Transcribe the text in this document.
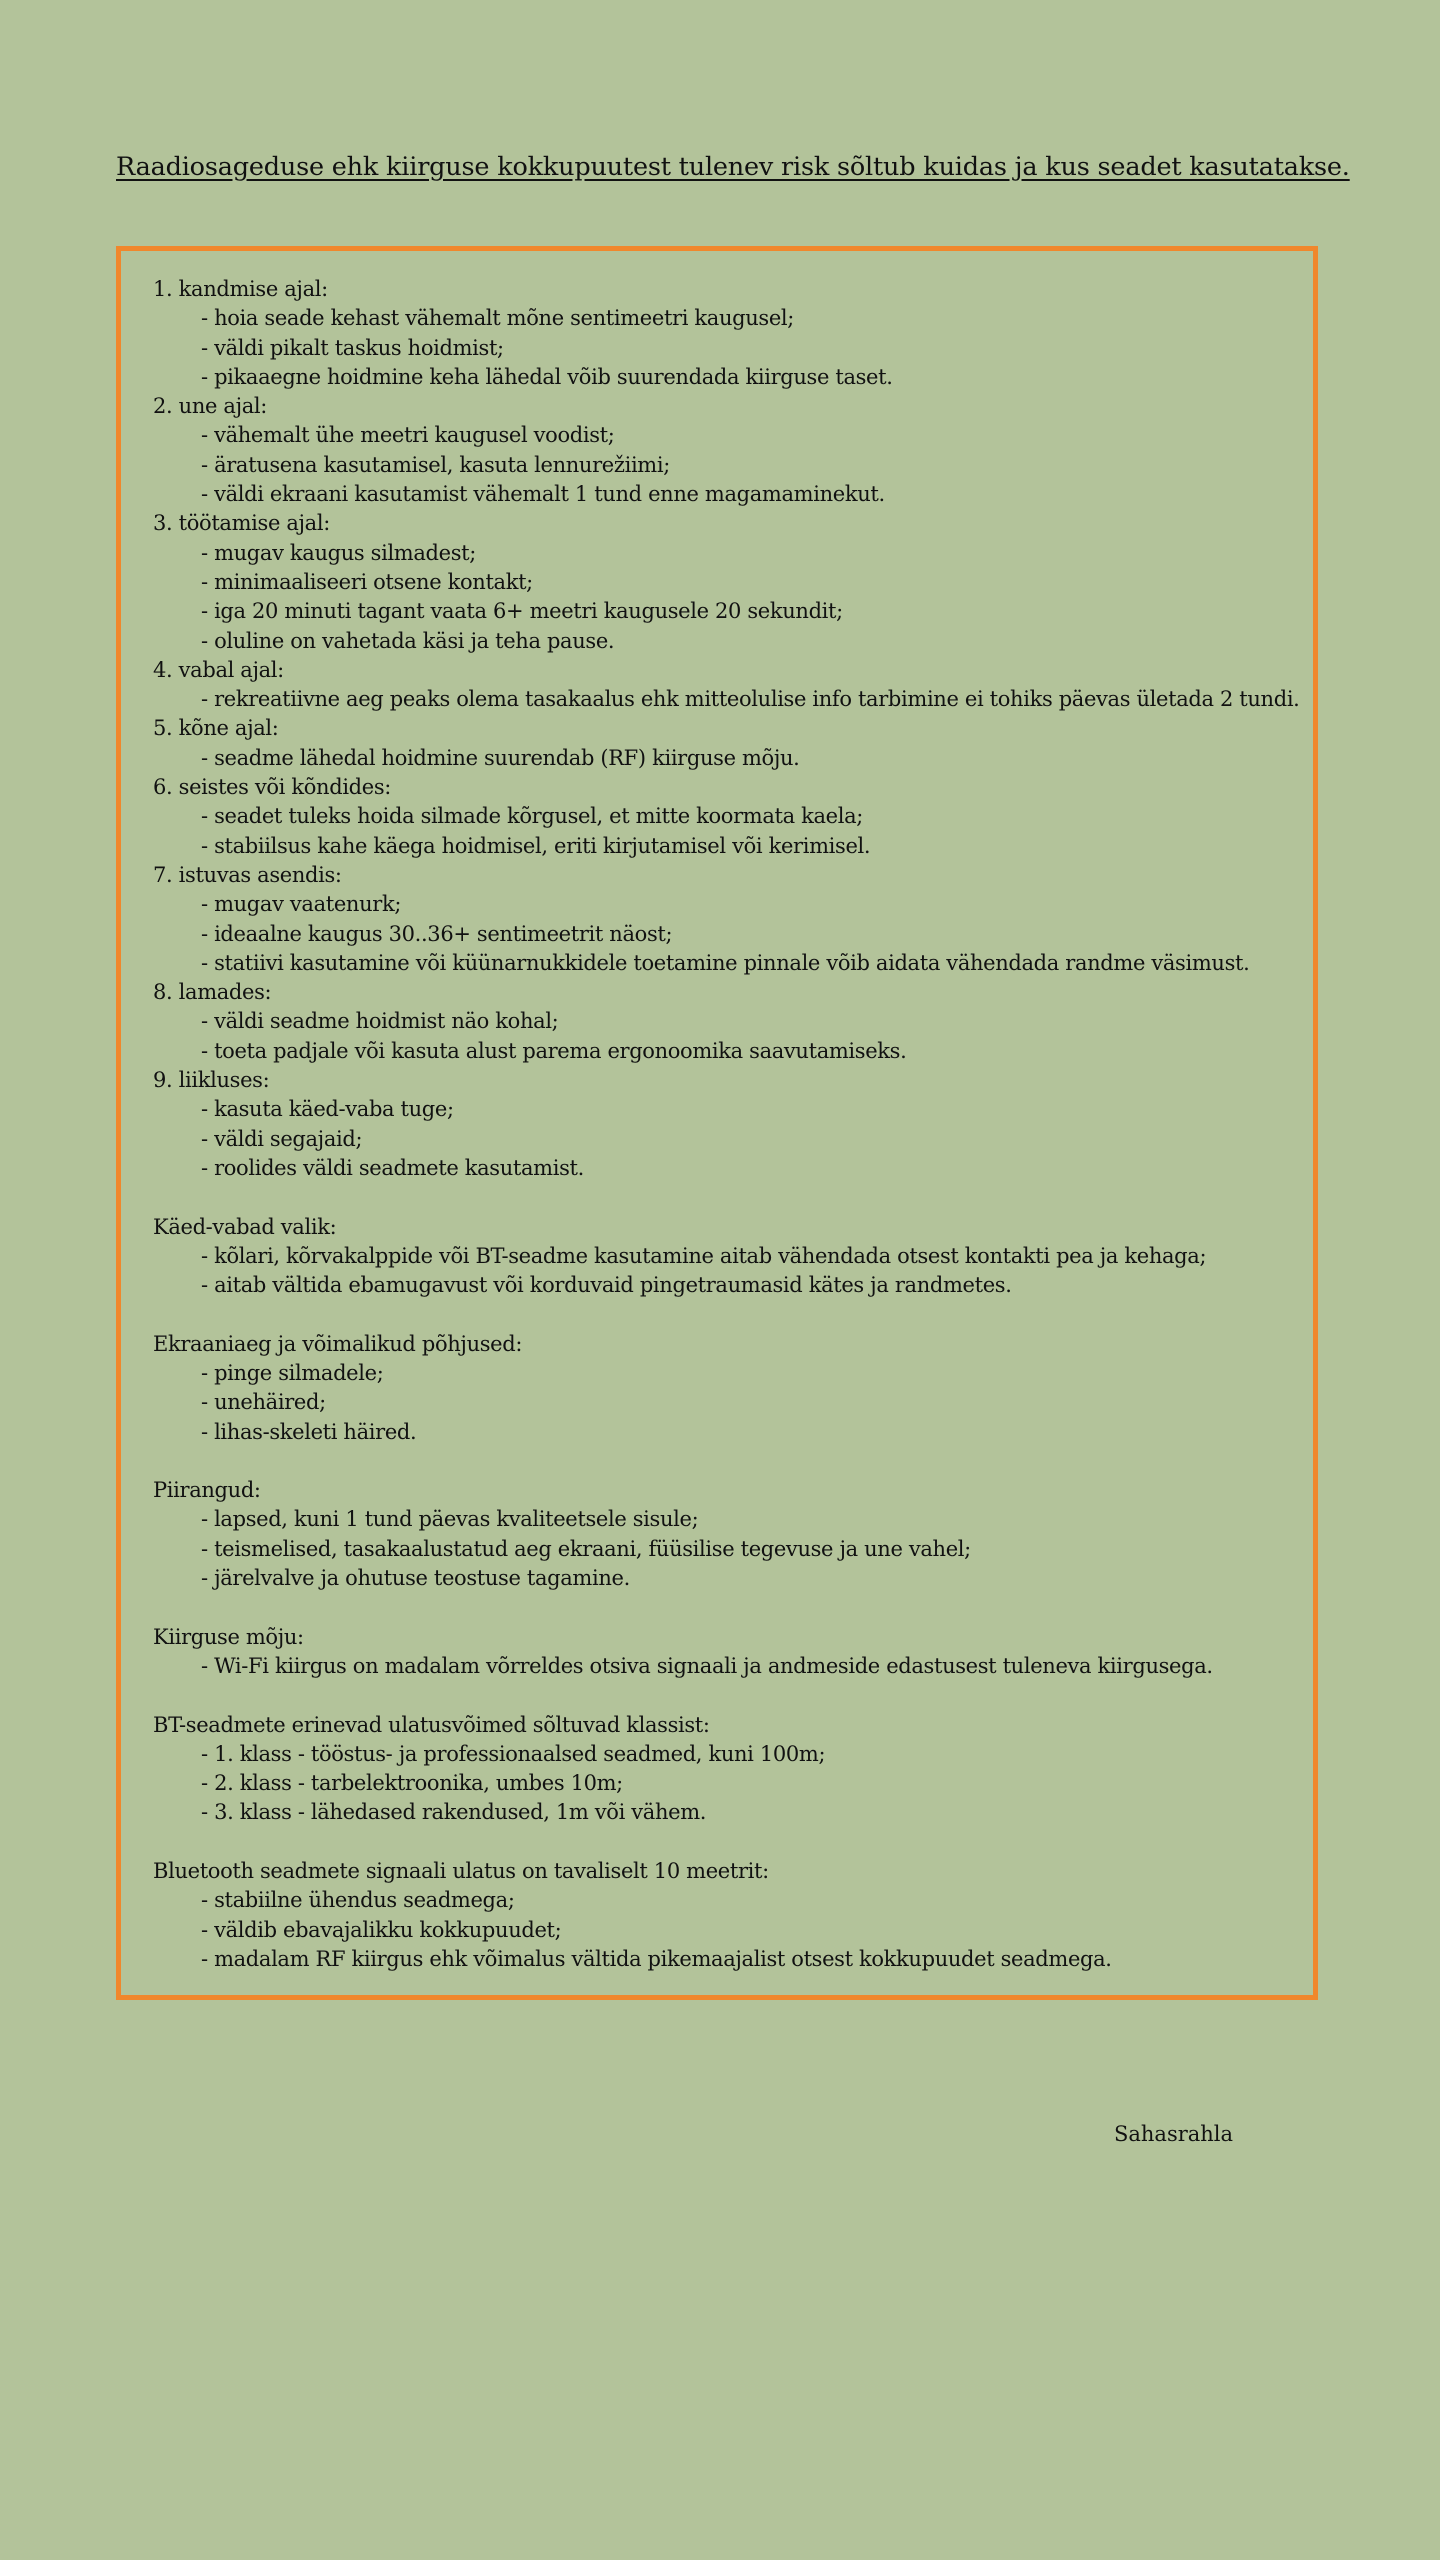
Raadiosageduse ehk kiirguse kokkupuutest tulenev risk sõltub kuidas ja kus seadet kasutatakse.
1. kandmise ajal:
- hoia seade kehast vähemalt mõne sentimeetri kaugusel;
- väldi pikalt taskus hoidmist;
- pikaaegne hoidmine keha lähedal võib suurendada kiirguse taset.
2. une ajal:
- vähemalt ühe meetri kaugusel voodist;
- äratusena kasutamisel, kasuta lennurežiimi;
- väldi ekraani kasutamist vähemalt 1 tund enne magamaminekut.
3. töötamise ajal:
- mugav kaugus silmadest;
- minimaaliseeri otsene kontakt;
- iga 20 minuti tagant vaata 6+ meetri kaugusele 20 sekundit;
- oluline on vahetada käsi ja teha pause.
4. vabal ajal:
- rekreatiivne aeg peaks olema tasakaalus ehk mitteolulise info tarbimine ei tohiks päevas ületada 2 tundi.
5. kõne ajal:
- seadme lähedal hoidmine suurendab (RF) kiirguse mõju.
6. seistes või kõndides:
- seadet tuleks hoida silmade kõrgusel, et mitte koormata kaela;
- stabiilsus kahe käega hoidmisel, eriti kirjutamisel või kerimisel.
7. istuvas asendis:
- mugav vaatenurk;
- ideaalne kaugus 30..36+ sentimeetrit näost;
- statiivi kasutamine või küünarnukkidele toetamine pinnale võib aidata vähendada randme väsimust.
8. lamades:
- väldi seadme hoidmist näo kohal;
- toeta padjale või kasuta alust parema ergonoomika saavutamiseks.
9. liikluses:
- kasuta käed-vaba tuge;
- väldi segajaid;
- roolides väldi seadmete kasutamist.
Käed-vabad valik:
- kõlari, kõrvakalppide või BT-seadme kasutamine aitab vähendada otsest kontakti pea ja kehaga;
- aitab vältida ebamugavust või korduvaid pingetraumasid kätes ja randmetes.
Ekraaniaeg ja võimalikud põhjused:
- pinge silmadele;
- unehäired;
- lihas-skeleti häired.
Piirangud:
- lapsed, kuni 1 tund päevas kvaliteetsele sisule;
- teismelised, tasakaalustatud aeg ekraani, füüsilise tegevuse ja une vahel;
- järelvalve ja ohutuse teostuse tagamine.
Kiirguse mõju:
- Wi-Fi kiirgus on madalam võrreldes otsiva signaali ja andmeside edastusest tuleneva kiirgusega.
BT-seadmete erinevad ulatusvõimed sõltuvad klassist:
- 1. klass - tööstus- ja professionaalsed seadmed, kuni 100m;
- 2. klass - tarbelektroonika, umbes 10m;
- 3. klass - lähedased rakendused, 1m või vähem.
Bluetooth seadmete signaali ulatus on tavaliselt 10 meetrit:
- stabiilne ühendus seadmega;
- väldib ebavajalikku kokkupuudet;
- madalam RF kiirgus ehk võimalus vältida pikemaajalist otsest kokkupuudet seadmega.
Sahasrahla
